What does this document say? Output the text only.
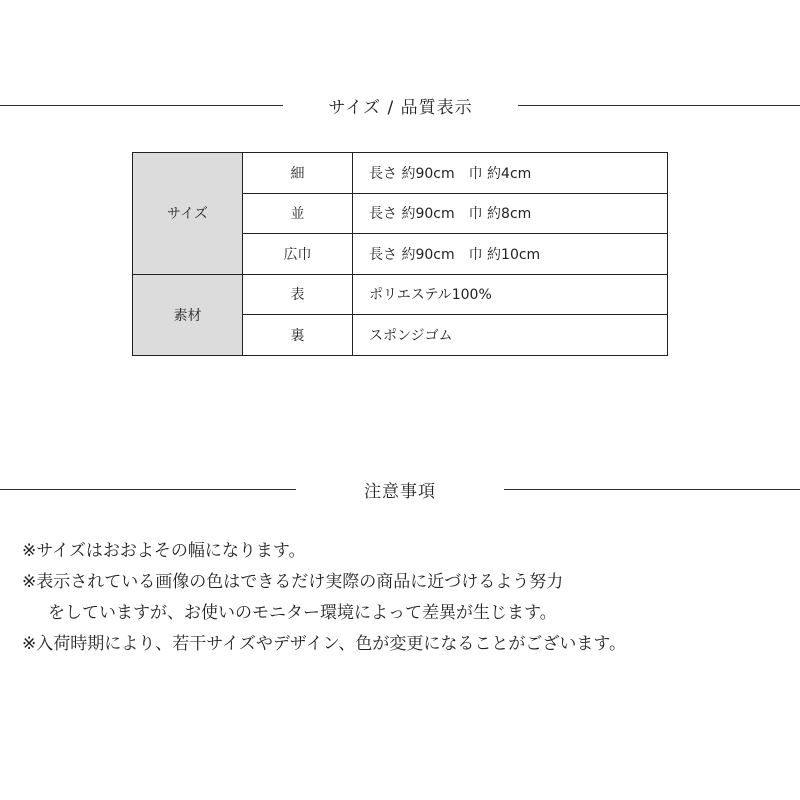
サイズ / 品質表示
サイズ	細	長さ 約90cm　巾 約4cm
	並	長さ 約90cm　巾 約8cm
	広巾	長さ 約90cm　巾 約10cm
素材	表	ポリエステル100%
	裏	スポンジゴム
注意事項
※サイズはおおよその幅になります。
※表示されている画像の色はできるだけ実際の商品に近づけるよう努力
をしていますが、お使いのモニター環境によって差異が生じます。
※入荷時期により、若干サイズやデザイン、色が変更になることがございます。
